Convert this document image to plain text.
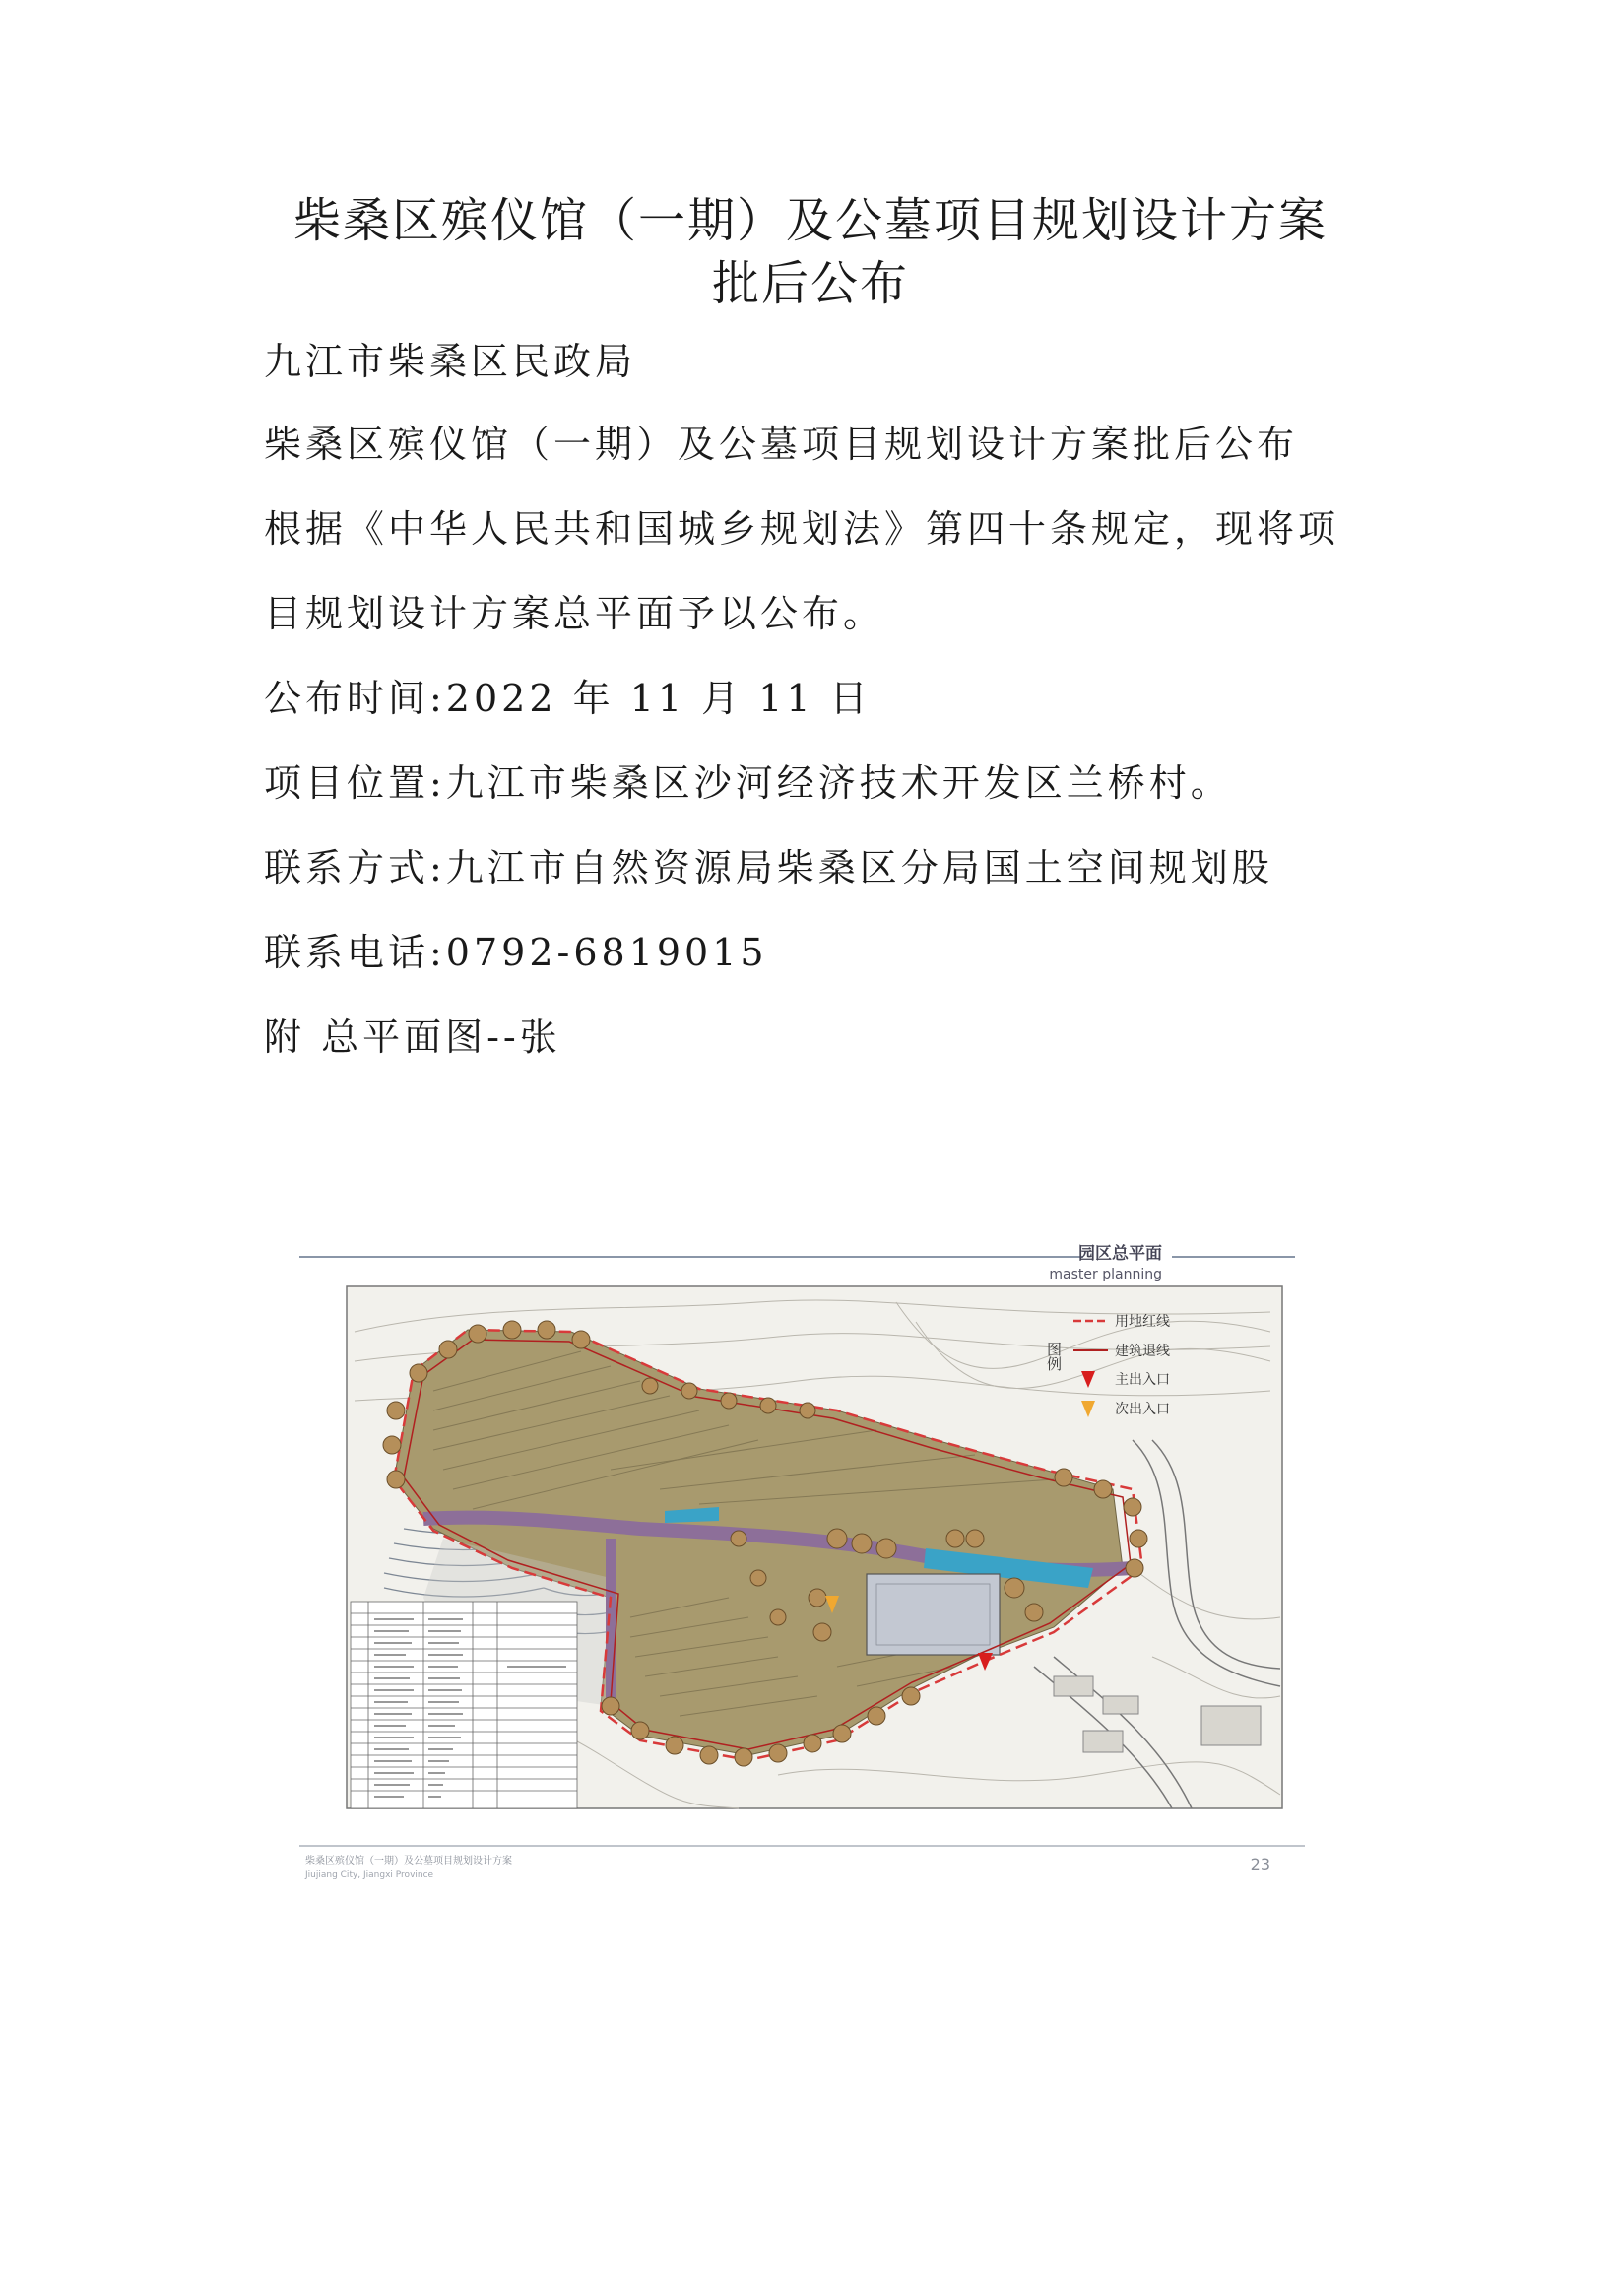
柴桑区殡仪馆（一期）及公墓项目规划设计方案
批后公布
九江市柴桑区民政局
柴桑区殡仪馆（一期）及公墓项目规划设计方案批后公布
根据《中华人民共和国城乡规划法》第四十条规定，现将项
目规划设计方案总平面予以公布。
公布时间:2022 年 11 月 11 日
项目位置:九江市柴桑区沙河经济技术开发区兰桥村。
联系方式:九江市自然资源局柴桑区分局国土空间规划股
联系电话:0792-6819015
附 总平面图--张
园区总平面
master planning
图例
用地红线
建筑退线
主出入口
次出入口
柴桑区殡仪馆（一期）及公墓项目规划设计方案
Jiujiang City, Jiangxi Province
23
